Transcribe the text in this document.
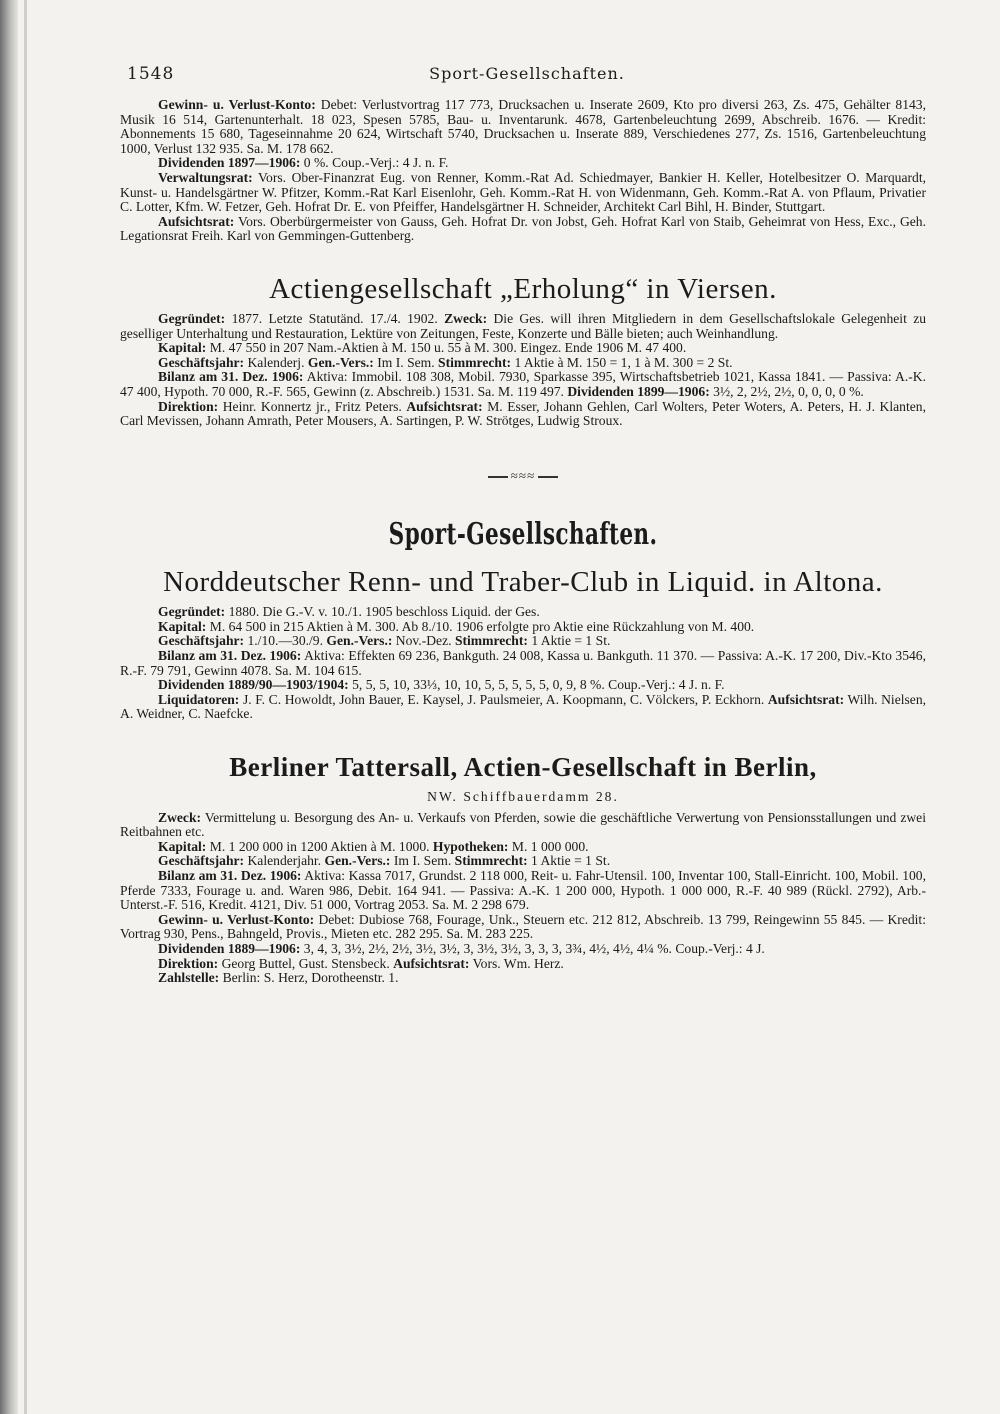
1548	Sport-Gesellschaften.

Gewinn- u. Verlust-Konto: Debet: Verlustvortrag 117 773, Drucksachen u. Inserate 2609, Kto pro diversi 263, Zs. 475, Gehälter 8143, Musik 16 514, Gartenunterhalt. 18 023, Spesen 5785, Bau- u. Inventarunk. 4678, Gartenbeleuchtung 2699, Abschreib. 1676. — Kredit: Abonnements 15 680, Tageseinnahme 20 624, Wirtschaft 5740, Drucksachen u. Inserate 889, Verschiedenes 277, Zs. 1516, Gartenbeleuchtung 1000, Verlust 132 935. Sa. M. 178 662.

Dividenden 1897—1906: 0 %. Coup.-Verj.: 4 J. n. F.

Verwaltungsrat: Vors. Ober-Finanzrat Eug. von Renner, Komm.-Rat Ad. Schiedmayer, Bankier H. Keller, Hotelbesitzer O. Marquardt, Kunst- u. Handelsgärtner W. Pfitzer, Komm.-Rat Karl Eisenlohr, Geh. Komm.-Rat H. von Widenmann, Geh. Komm.-Rat A. von Pflaum, Privatier C. Lotter, Kfm. W. Fetzer, Geh. Hofrat Dr. E. von Pfeiffer, Handelsgärtner H. Schneider, Architekt Carl Bihl, H. Binder, Stuttgart.

Aufsichtsrat: Vors. Oberbürgermeister von Gauss, Geh. Hofrat Dr. von Jobst, Geh. Hofrat Karl von Staib, Geheimrat von Hess, Exc., Geh. Legationsrat Freih. Karl von Gemmingen-Guttenberg.

Actiengesellschaft „Erholung“ in Viersen.

Gegründet: 1877. Letzte Statutänd. 17./4. 1902. Zweck: Die Ges. will ihren Mitgliedern in dem Gesellschaftslokale Gelegenheit zu geselliger Unterhaltung und Restauration, Lektüre von Zeitungen, Feste, Konzerte und Bälle bieten; auch Weinhandlung.

Kapital: M. 47 550 in 207 Nam.-Aktien à M. 150 u. 55 à M. 300. Eingez. Ende 1906 M. 47 400.

Geschäftsjahr: Kalenderj. Gen.-Vers.: Im I. Sem. Stimmrecht: 1 Aktie à M. 150 = 1, 1 à M. 300 = 2 St.

Bilanz am 31. Dez. 1906: Aktiva: Immobil. 108 308, Mobil. 7930, Sparkasse 395, Wirtschaftsbetrieb 1021, Kassa 1841. — Passiva: A.-K. 47 400, Hypoth. 70 000, R.-F. 565, Gewinn (z. Abschreib.) 1531. Sa. M. 119 497. Dividenden 1899—1906: 3½, 2, 2½, 2½, 0, 0, 0, 0 %.

Direktion: Heinr. Konnertz jr., Fritz Peters. Aufsichtsrat: M. Esser, Johann Gehlen, Carl Wolters, Peter Woters, A. Peters, H. J. Klanten, Carl Mevissen, Johann Amrath, Peter Mousers, A. Sartingen, P. W. Strötges, Ludwig Stroux.

≈≈≈
Sport-Gesellschaften.
Norddeutscher Renn- und Traber-Club in Liquid. in Altona.

Gegründet: 1880. Die G.-V. v. 10./1. 1905 beschloss Liquid. der Ges.

Kapital: M. 64 500 in 215 Aktien à M. 300. Ab 8./10. 1906 erfolgte pro Aktie eine Rückzahlung von M. 400.

Geschäftsjahr: 1./10.—30./9. Gen.-Vers.: Nov.-Dez. Stimmrecht: 1 Aktie = 1 St.

Bilanz am 31. Dez. 1906: Aktiva: Effekten 69 236, Bankguth. 24 008, Kassa u. Bankguth. 11 370. — Passiva: A.-K. 17 200, Div.-Kto 3546, R.-F. 79 791, Gewinn 4078. Sa. M. 104 615.

Dividenden 1889/90—1903/1904: 5, 5, 5, 10, 33⅓, 10, 10, 5, 5, 5, 5, 5, 0, 9, 8 %. Coup.-Verj.: 4 J. n. F.

Liquidatoren: J. F. C. Howoldt, John Bauer, E. Kaysel, J. Paulsmeier, A. Koopmann, C. Völckers, P. Eckhorn. Aufsichtsrat: Wilh. Nielsen, A. Weidner, C. Naefcke.

Berliner Tattersall, Actien-Gesellschaft in Berlin,
NW. Schiffbauerdamm 28.

Zweck: Vermittelung u. Besorgung des An- u. Verkaufs von Pferden, sowie die geschäftliche Verwertung von Pensionsstallungen und zwei Reitbahnen etc.

Kapital: M. 1 200 000 in 1200 Aktien à M. 1000. Hypotheken: M. 1 000 000.

Geschäftsjahr: Kalenderjahr. Gen.-Vers.: Im I. Sem. Stimmrecht: 1 Aktie = 1 St.

Bilanz am 31. Dez. 1906: Aktiva: Kassa 7017, Grundst. 2 118 000, Reit- u. Fahr-Utensil. 100, Inventar 100, Stall-Einricht. 100, Mobil. 100, Pferde 7333, Fourage u. and. Waren 986, Debit. 164 941. — Passiva: A.-K. 1 200 000, Hypoth. 1 000 000, R.-F. 40 989 (Rückl. 2792), Arb.-Unterst.-F. 516, Kredit. 4121, Div. 51 000, Vortrag 2053. Sa. M. 2 298 679.

Gewinn- u. Verlust-Konto: Debet: Dubiose 768, Fourage, Unk., Steuern etc. 212 812, Abschreib. 13 799, Reingewinn 55 845. — Kredit: Vortrag 930, Pens., Bahngeld, Provis., Mieten etc. 282 295. Sa. M. 283 225.

Dividenden 1889—1906: 3, 4, 3, 3½, 2½, 2½, 3½, 3½, 3, 3½, 3½, 3, 3, 3, 3¾, 4½, 4½, 4¼ %. Coup.-Verj.: 4 J.

Direktion: Georg Buttel, Gust. Stensbeck. Aufsichtsrat: Vors. Wm. Herz.

Zahlstelle: Berlin: S. Herz, Dorotheenstr. 1.
